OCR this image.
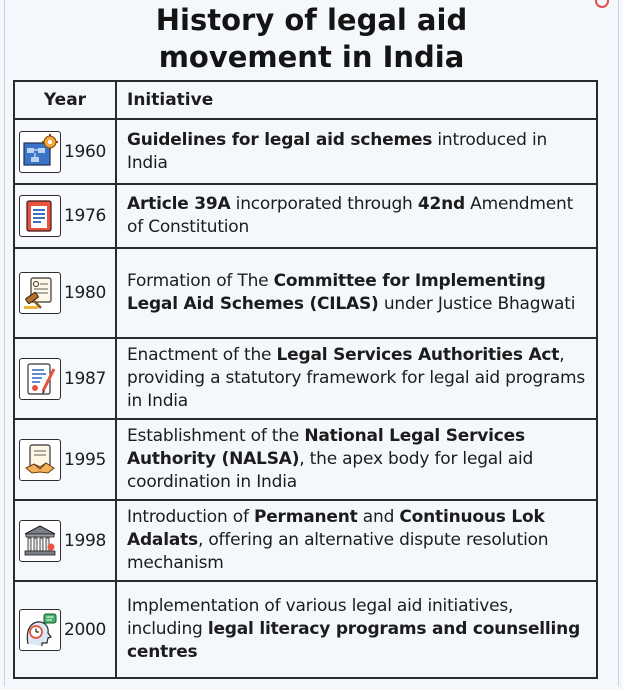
History of legal aid
movement in India
Year	Initiative

1960	Guidelines for legal aid schemes introduced in India

1976	Article 39A incorporated through 42nd Amendment of Constitution

1980	Formation of The Committee for Implementing Legal Aid Schemes (CILAS) under Justice Bhagwati

1987	Enactment of the Legal Services Authorities Act, providing a statutory framework for legal aid programs in India

1995	Establishment of the National Legal Services Authority (NALSA), the apex body for legal aid coordination in India

1998	Introduction of Permanent and Continuous Lok Adalats, offering an alternative dispute resolution mechanism

2000	Implementation of various legal aid initiatives, including legal literacy programs and counselling centres
